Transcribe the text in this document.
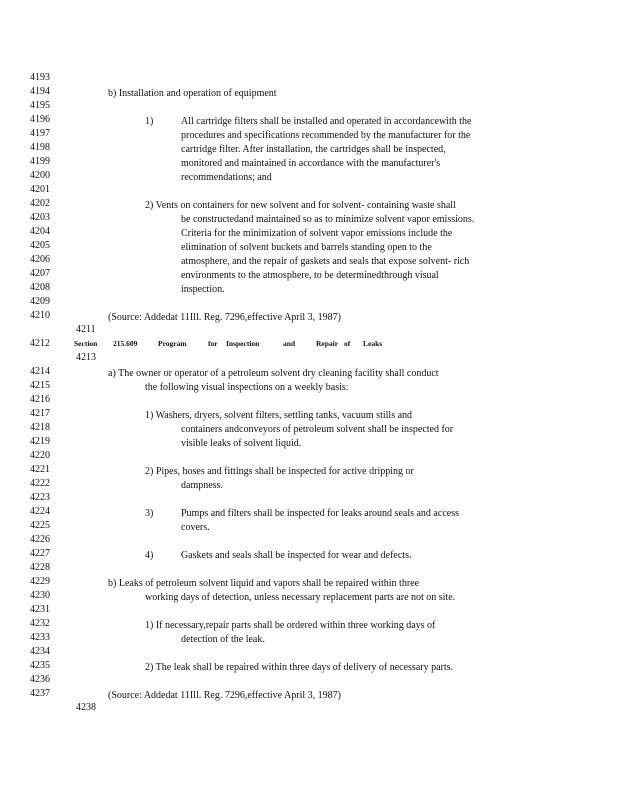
4193
4194
4195
4196
4197
4198
4199
4200
4201
4202
4203
4204
4205
4206
4207
4208
4209
4210
4211
4212
4213
4214
4215
4216
4217
4218
4219
4220
4221
4222
4223
4224
4225
4226
4227
4228
4229
4230
4231
4232
4233
4234
4235
4236
4237
4238
b) Installation and operation of equipment
1)	All cartridge filters shall be installed and operated in accordancewith the
procedures and specifications recommended by the manufacturer for the
cartridge filter. After installation, the cartridges shall be inspected,
monitored and maintained in accordance with the manufacturer's
recommendations; and
2) Vents on containers for new solvent and for solvent- containing waste shall
be constructedand maintained so as to minimize solvent vapor emissions.
Criteria for the minimization of solvent vapor emissions include the
elimination of solvent buckets and barrels standing open to the
atmosphere, and the repair of gaskets and seals that expose solvent- rich
environments to the atmosphere, to be determinedthrough visual
inspection.
(Source: Addedat 11Ill. Reg. 7296,effective April 3, 1987)
Section 215.609	Program	for Inspection	and	Repair of Leaks
a) The owner or operator of a petroleum solvent dry cleaning facility shall conduct
the following visual inspections on a weekly basis:
1) Washers, dryers, solvent filters, settling tanks, vacuum stills and
containers andconveyors of petroleum solvent shall be inspected for
visible leaks of solvent liquid.
2) Pipes, hoses and fittings shall be inspected for active dripping or
dampness.
3)	Pumps and filters shall be inspected for leaks around seals and access
covers.
4)	Gaskets and seals shall be inspected for wear and defects.
b) Leaks of petroleum solvent liquid and vapors shall be repaired within three
working days of detection, unless necessary replacement parts are not on site.
1) If necessary,repair parts shall be ordered within three working days of
detection of the leak.
2) The leak shall be repaired within three days of delivery of necessary parts.
(Source: Addedat 11Ill. Reg. 7296,effective April 3, 1987)
